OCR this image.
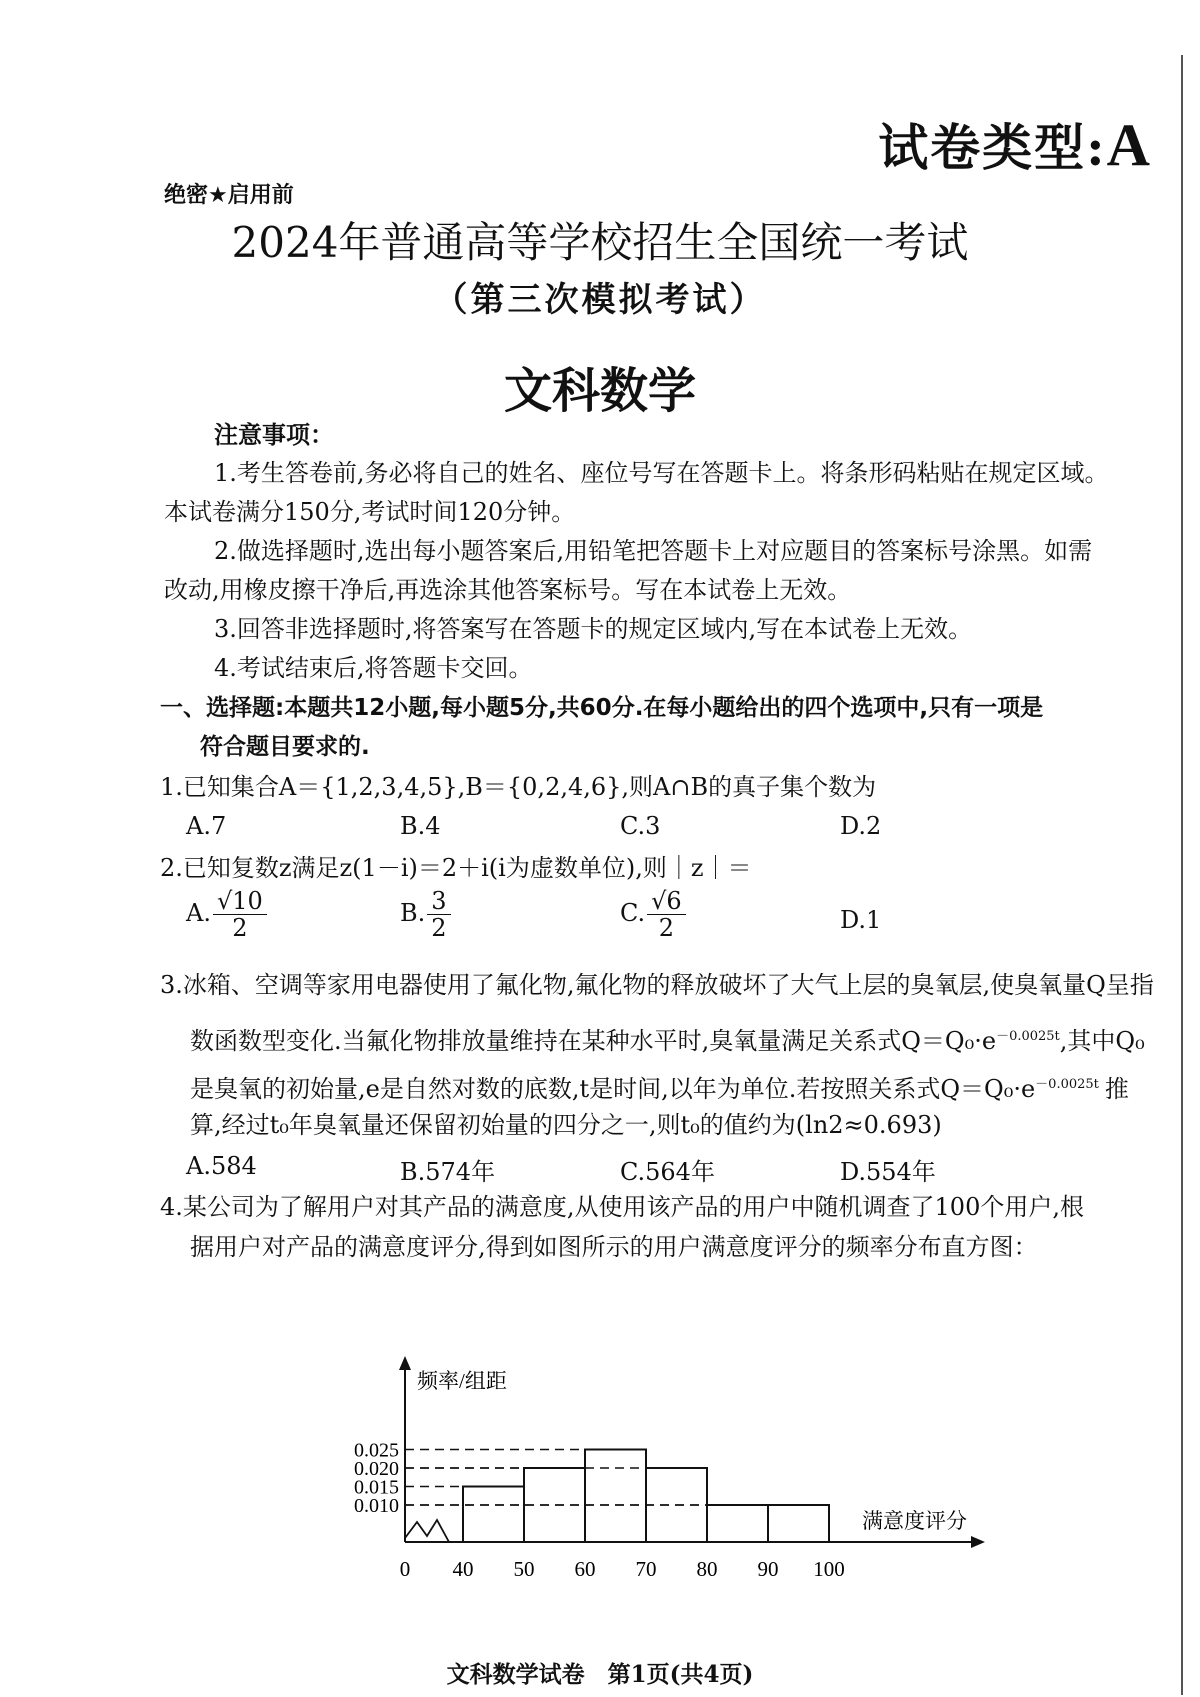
试卷类型:A
绝密★启用前
2024年普通高等学校招生全国统一考试
（第三次模拟考试）
文科数学
注意事项：
1.考生答卷前,务必将自己的姓名、座位号写在答题卡上。将条形码粘贴在规定区域。
本试卷满分150分,考试时间120分钟。
2.做选择题时,选出每小题答案后,用铅笔把答题卡上对应题目的答案标号涂黑。如需
改动,用橡皮擦干净后,再选涂其他答案标号。写在本试卷上无效。
3.回答非选择题时,将答案写在答题卡的规定区域内,写在本试卷上无效。
4.考试结束后,将答题卡交回。
一、选择题:本题共12小题,每小题5分,共60分.在每小题给出的四个选项中,只有一项是
符合题目要求的.
1.已知集合A＝{1,2,3,4,5},B＝{0,2,4,6},则A∩B的真子集个数为
A.7	B.4	C.3	D.2
2.已知复数z满足z(1－i)＝2＋i(i为虚数单位),则｜z｜＝
A. $\frac{√10}{2}$	B. $\frac{3}{2}$	C. $\frac{√6}{2}$	D.1
3.冰箱、空调等家用电器使用了氟化物,氟化物的释放破坏了大气上层的臭氧层,使臭氧量Q呈指
数函数型变化.当氟化物排放量维持在某种水平时,臭氧量满足关系式$Q=Q_0\cdot e^{-0.0025t}$,其中Q₀
是臭氧的初始量,e是自然对数的底数,t是时间,以年为单位.若按照关系式$Q=Q_0\cdot e^{-0.0025t}$ 推
算,经过t₀年臭氧量还保留初始量的四分之一,则t₀的值约为(ln2≈0.693)
A.584	B.574年	C.564年	D.554年
4.某公司为了解用户对其产品的满意度,从使用该产品的用户中随机调查了100个用户,根
据用户对产品的满意度评分,得到如图所示的用户满意度评分的频率分布直方图：
0.010
0.015
0.020
0.025
0 40 50 60 70 80 90 100
频率/组距
满意度评分
文科数学试卷　第1页(共4页)
